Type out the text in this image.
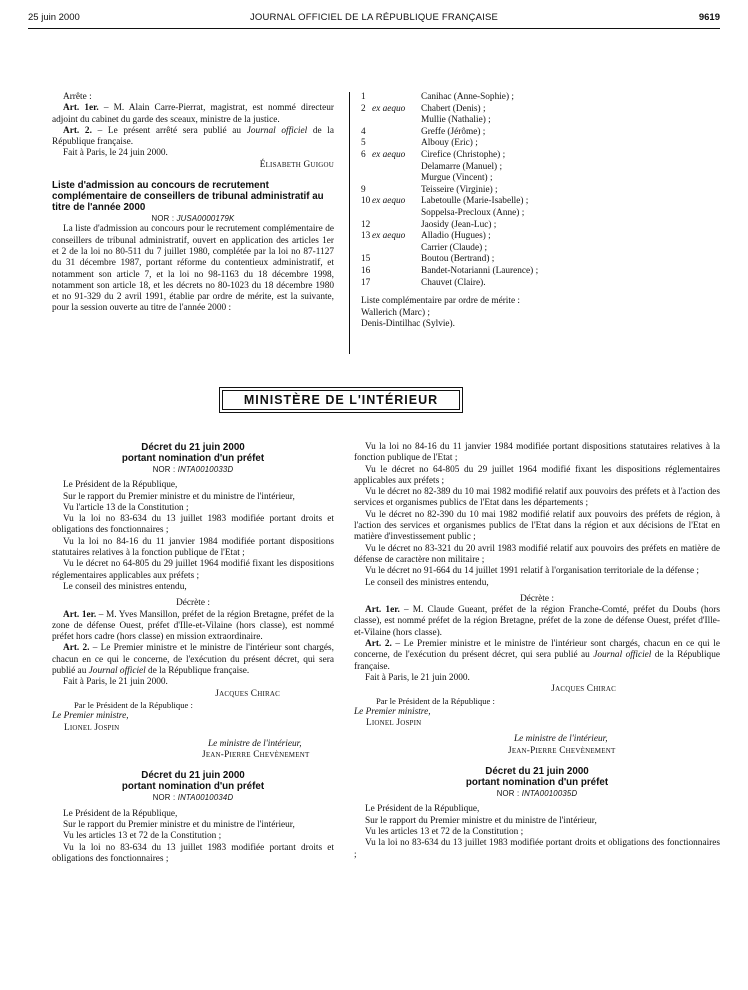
25 juin 2000	JOURNAL OFFICIEL DE LA RÉPUBLIQUE FRANÇAISE	9619

Arrête :

Art. 1er. – M. Alain Carre-Pierrat, magistrat, est nommé directeur adjoint du cabinet du garde des sceaux, ministre de la justice.

Art. 2. – Le présent arrêté sera publié au Journal officiel de la République française.

Fait à Paris, le 24 juin 2000.

Élisabeth Guigou

Liste d'admission au concours de recrutement complémentaire de conseillers de tribunal administratif au titre de l'année 2000

NOR : JUSA0000179K

La liste d'admission au concours pour le recrutement complémentaire de conseillers de tribunal administratif, ouvert en application des articles 1er et 2 de la loi no 80-511 du 7 juillet 1980, complétée par la loi no 87-1127 du 31 décembre 1987, portant réforme du contentieux administratif, et notamment son article 7, et la loi no 98-1163 du 18 décembre 1998, notamment son article 18, et les décrets no 80-1023 du 18 décembre 1980 et no 91-329 du 2 avril 1991, établie par ordre de mérite, est la suivante, pour la session ouverte au titre de l'année 2000 :

1	Canihac (Anne-Sophie) ;
2 ex aequo Chabert (Denis) ;
Mullie (Nathalie) ;
4	Greffe (Jérôme) ;
5	Albouy (Eric) ;
6 ex aequo Cirefice (Christophe) ;
Delamarre (Manuel) ;
Murgue (Vincent) ;
9	Teisseire (Virginie) ;
10 ex aequo Labetoulle (Marie-Isabelle) ;
Soppelsa-Precloux (Anne) ;
12	Jaosidy (Jean-Luc) ;
13 ex aequo Alladio (Hugues) ;
Carrier (Claude) ;
15	Boutou (Bertrand) ;
16	Bandet-Notarianni (Laurence) ;
17	Chauvet (Claire).
Liste complémentaire par ordre de mérite :
Wallerich (Marc) ;
Denis-Dintilhac (Sylvie).
MINISTÈRE DE L'INTÉRIEUR

Décret du 21 juin 2000

portant nomination d'un préfet

NOR : INTA0010033D

Le Président de la République,

Sur le rapport du Premier ministre et du ministre de l'intérieur,

Vu l'article 13 de la Constitution ;

Vu la loi no 83-634 du 13 juillet 1983 modifiée portant droits et obligations des fonctionnaires ;

Vu la loi no 84-16 du 11 janvier 1984 modifiée portant dispositions statutaires relatives à la fonction publique de l'Etat ;

Vu le décret no 64-805 du 29 juillet 1964 modifié fixant les dispositions réglementaires applicables aux préfets ;

Le conseil des ministres entendu,

Décrète :

Art. 1er. – M. Yves Mansillon, préfet de la région Bretagne, préfet de la zone de défense Ouest, préfet d'Ille-et-Vilaine (hors classe), est nommé préfet hors cadre (hors classe) en mission extraordinaire.

Art. 2. – Le Premier ministre et le ministre de l'intérieur sont chargés, chacun en ce qui le concerne, de l'exécution du présent décret, qui sera publié au Journal officiel de la République française.

Fait à Paris, le 21 juin 2000.

Jacques Chirac

Par le Président de la République :

Le Premier ministre,

Lionel Jospin

Le ministre de l'intérieur,

Jean-Pierre Chevènement

Décret du 21 juin 2000

portant nomination d'un préfet

NOR : INTA0010034D

Le Président de la République,

Sur le rapport du Premier ministre et du ministre de l'intérieur,

Vu les articles 13 et 72 de la Constitution ;

Vu la loi no 83-634 du 13 juillet 1983 modifiée portant droits et obligations des fonctionnaires ;

Vu la loi no 84-16 du 11 janvier 1984 modifiée portant dispositions statutaires relatives à la fonction publique de l'Etat ;

Vu le décret no 64-805 du 29 juillet 1964 modifié fixant les dispositions réglementaires applicables aux préfets ;

Vu le décret no 82-389 du 10 mai 1982 modifié relatif aux pouvoirs des préfets et à l'action des services et organismes publics de l'Etat dans les départements ;

Vu le décret no 82-390 du 10 mai 1982 modifié relatif aux pouvoirs des préfets de région, à l'action des services et organismes publics de l'Etat dans la région et aux décisions de l'Etat en matière d'investissement public ;

Vu le décret no 83-321 du 20 avril 1983 modifié relatif aux pouvoirs des préfets en matière de défense de caractère non militaire ;

Vu le décret no 91-664 du 14 juillet 1991 relatif à l'organisation territoriale de la défense ;

Le conseil des ministres entendu,

Décrète :

Art. 1er. – M. Claude Gueant, préfet de la région Franche-Comté, préfet du Doubs (hors classe), est nommé préfet de la région Bretagne, préfet de la zone de défense Ouest, préfet d'Ille-et-Vilaine (hors classe).

Art. 2. – Le Premier ministre et le ministre de l'intérieur sont chargés, chacun en ce qui le concerne, de l'exécution du présent décret, qui sera publié au Journal officiel de la République française.

Fait à Paris, le 21 juin 2000.

Jacques Chirac

Par le Président de la République :

Le Premier ministre,

Lionel Jospin

Le ministre de l'intérieur,

Jean-Pierre Chevènement

Décret du 21 juin 2000

portant nomination d'un préfet

NOR : INTA0010035D

Le Président de la République,

Sur le rapport du Premier ministre et du ministre de l'intérieur,

Vu les articles 13 et 72 de la Constitution ;

Vu la loi no 83-634 du 13 juillet 1983 modifiée portant droits et obligations des fonctionnaires ;
